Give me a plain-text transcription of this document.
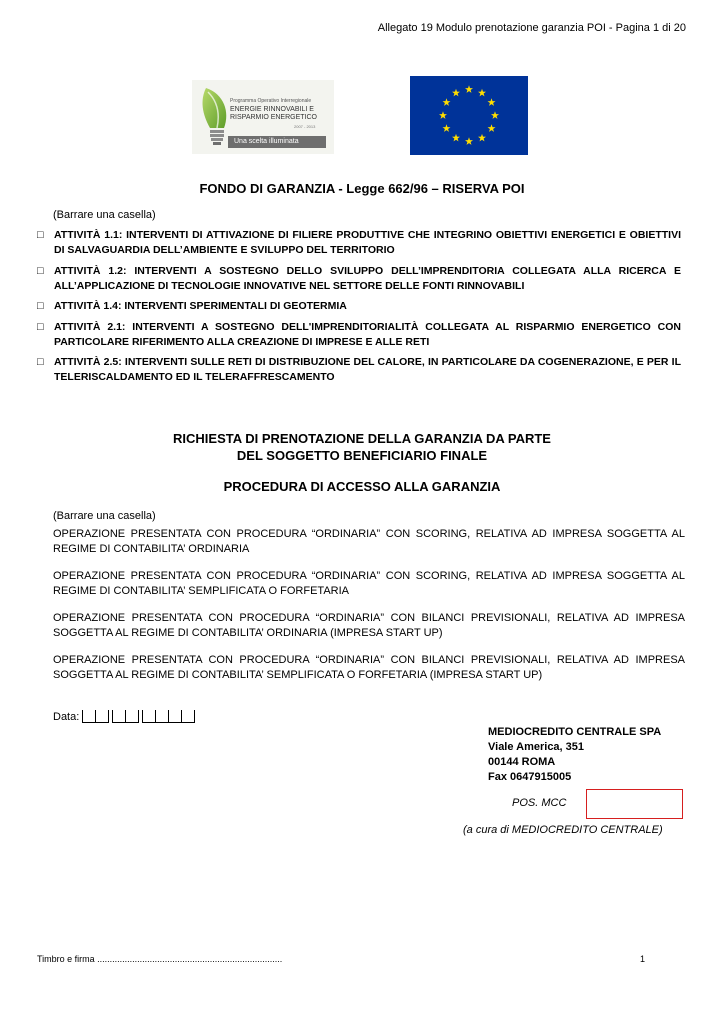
Allegato 19 Modulo prenotazione garanzia POI - Pagina 1 di 20
Programma Operativo Interregionale
ENERGIE RINNOVABILI E
RISPARMIO ENERGETICO
2007 - 2013
Una scelta illuminata
FONDO DI GARANZIA - Legge 662/96 – RISERVA POI
(Barrare una casella)
□ ATTIVITÀ 1.1: INTERVENTI DI ATTIVAZIONE DI FILIERE PRODUTTIVE CHE INTEGRINO OBIETTIVI ENERGETICI E OBIETTIVI DI SALVAGUARDIA DELL’AMBIENTE E SVILUPPO DEL TERRITORIO
□ ATTIVITÀ 1.2: INTERVENTI A SOSTEGNO DELLO SVILUPPO DELL’IMPRENDITORIA COLLEGATA ALLA RICERCA E ALL’APPLICAZIONE DI TECNOLOGIE INNOVATIVE NEL SETTORE DELLE FONTI RINNOVABILI
□ ATTIVITÀ 1.4: INTERVENTI SPERIMENTALI DI GEOTERMIA
□ ATTIVITÀ 2.1: INTERVENTI A SOSTEGNO DELL'IMPRENDITORIALITÀ COLLEGATA AL RISPARMIO ENERGETICO CON PARTICOLARE RIFERIMENTO ALLA CREAZIONE DI IMPRESE E ALLE RETI
□ ATTIVITÀ 2.5: INTERVENTI SULLE RETI DI DISTRIBUZIONE DEL CALORE, IN PARTICOLARE DA COGENERAZIONE, E PER IL TELERISCALDAMENTO ED IL TELERAFFRESCAMENTO
RICHIESTA DI PRENOTAZIONE DELLA GARANZIA DA PARTE
DEL SOGGETTO BENEFICIARIO FINALE
PROCEDURA DI ACCESSO ALLA GARANZIA
(Barrare una casella)
OPERAZIONE PRESENTATA CON PROCEDURA “ORDINARIA” CON SCORING, RELATIVA AD IMPRESA SOGGETTA AL REGIME DI CONTABILITA’ ORDINARIA
OPERAZIONE PRESENTATA CON PROCEDURA “ORDINARIA” CON SCORING, RELATIVA AD IMPRESA SOGGETTA AL REGIME DI CONTABILITA’ SEMPLIFICATA O FORFETARIA
OPERAZIONE PRESENTATA CON PROCEDURA “ORDINARIA” CON BILANCI PREVISIONALI, RELATIVA AD IMPRESA SOGGETTA AL REGIME DI CONTABILITA’ ORDINARIA (IMPRESA START UP)
OPERAZIONE PRESENTATA CON PROCEDURA “ORDINARIA” CON BILANCI PREVISIONALI, RELATIVA AD IMPRESA SOGGETTA AL REGIME DI CONTABILITA’ SEMPLIFICATA O FORFETARIA (IMPRESA START UP)
Data:
MEDIOCREDITO CENTRALE SPA
Viale America, 351
00144 ROMA
Fax 0647915005
POS. MCC
(a cura di MEDIOCREDITO CENTRALE)
Timbro e firma ..........................................................................	1
